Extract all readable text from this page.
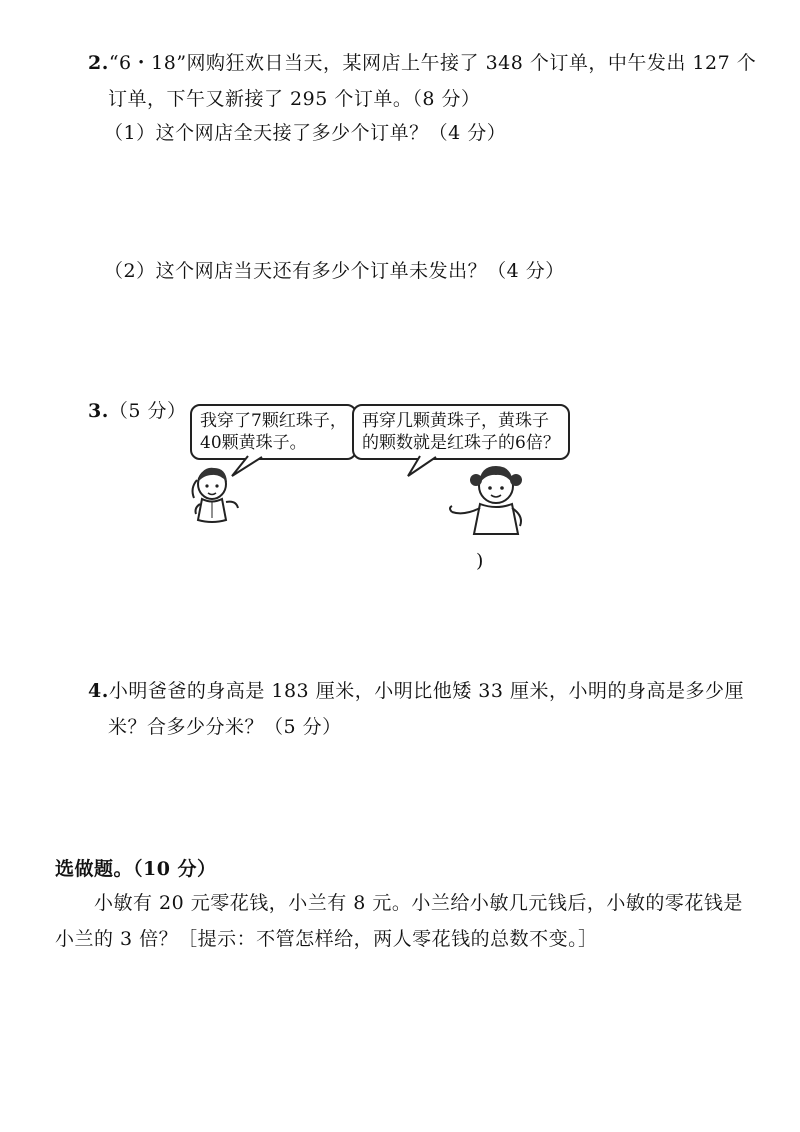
2.“6・18”网购狂欢日当天，某网店上午接了 348 个订单，中午发出 127 个
订单，下午又新接了 295 个订单。（8 分）
（1）这个网店全天接了多少个订单？（4 分）
（2）这个网店当天还有多少个订单未发出？（4 分）
3.（5 分） 我穿了7颗红珠子，
40颗黄珠子。
再穿几颗黄珠子，黄珠子
的颗数就是红珠子的6倍？
)
4.小明爸爸的身高是 183 厘米，小明比他矮 33 厘米，小明的身高是多少厘
米？合多少分米？（5 分）
选做题。（10 分）
小敏有 20 元零花钱，小兰有 8 元。小兰给小敏几元钱后，小敏的零花钱是
小兰的 3 倍？［提示：不管怎样给，两人零花钱的总数不变。］
